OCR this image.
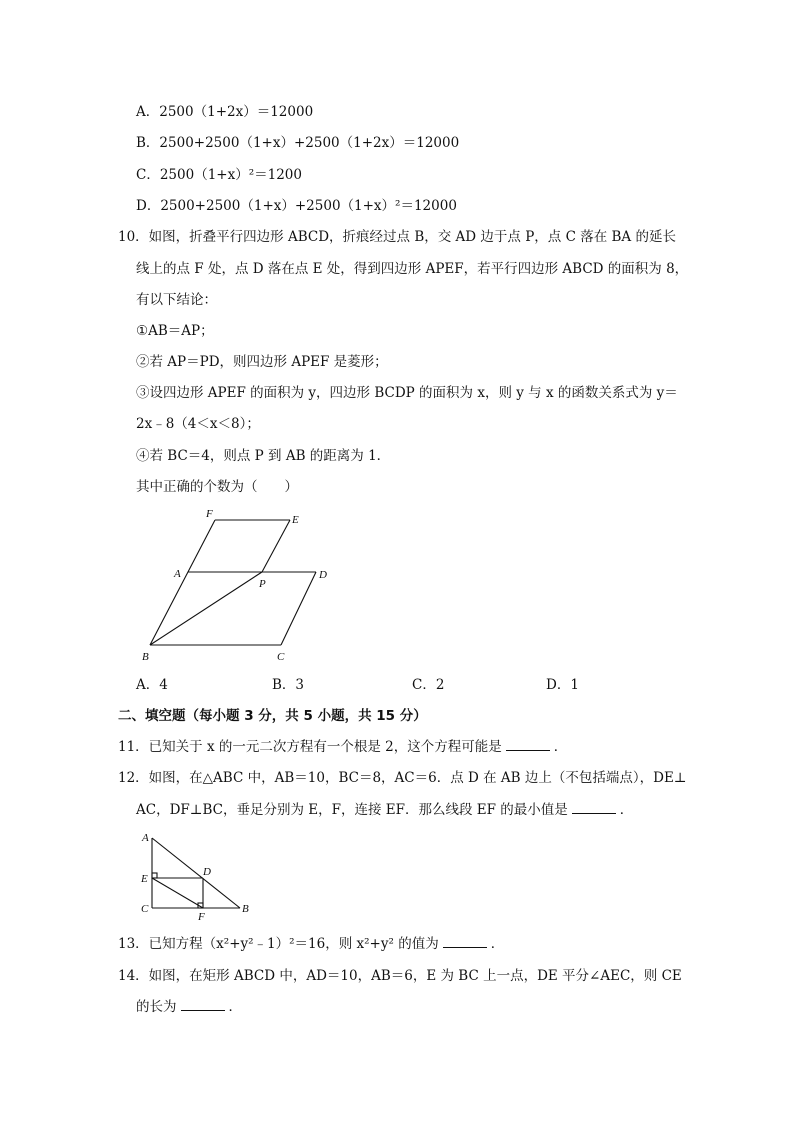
A．2500（1+2x）＝12000
B．2500+2500（1+x）+2500（1+2x）＝12000
C．2500（1+x）²＝1200
D．2500+2500（1+x）+2500（1+x）²＝12000
10．如图，折叠平行四边形 ABCD，折痕经过点 B，交 AD 边于点 P，点 C 落在 BA 的延长
线上的点 F 处，点 D 落在点 E 处，得到四边形 APEF，若平行四边形 ABCD 的面积为 8，
有以下结论：
①AB＝AP；
②若 AP＝PD，则四边形 APEF 是菱形；
③设四边形 APEF 的面积为 y，四边形 BCDP 的面积为 x，则 y 与 x 的函数关系式为 y＝
2x﹣8（4＜x＜8）；
④若 BC＝4，则点 P 到 AB 的距离为 1．
其中正确的个数为（　　）
F	E
A
P
D
B	C
A．4	B．3	C．2	D．1
二、填空题（每小题 3 分，共 5 小题，共 15 分）
11．已知关于 x 的一元二次方程有一个根是 2，这个方程可能是	．
12．如图，在△ABC 中，AB＝10，BC＝8，AC＝6．点 D 在 AB 边上（不包括端点），DE⊥
AC，DF⊥BC，垂足分别为 E，F，连接 EF．那么线段 EF 的最小值是	．
A
D
E
C
F
B
13．已知方程（x²+y²﹣1）²＝16，则 x²+y² 的值为	．
14．如图，在矩形 ABCD 中，AD＝10，AB＝6，E 为 BC 上一点，DE 平分∠AEC，则 CE
的长为	．
